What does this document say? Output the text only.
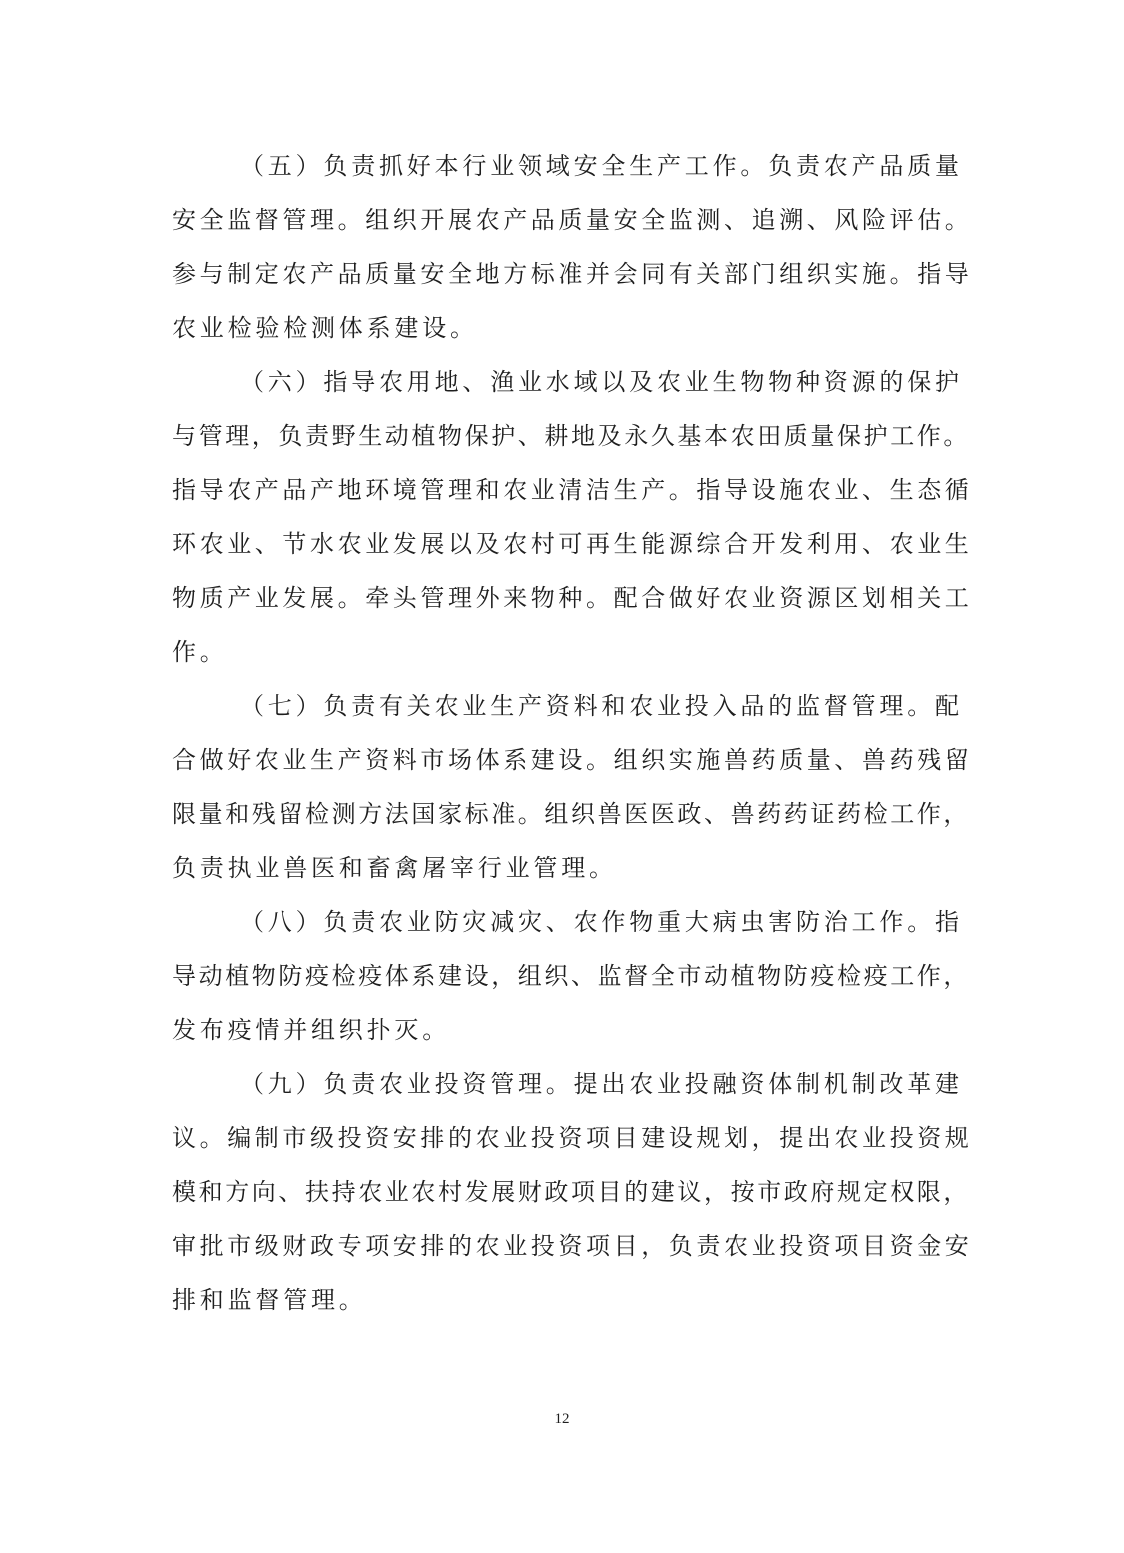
（五）负责抓好本行业领域安全生产工作。负责农产品质量
安全监督管理。组织开展农产品质量安全监测、追溯、风险评估。
参与制定农产品质量安全地方标准并会同有关部门组织实施。指导
农业检验检测体系建设。
（六）指导农用地、渔业水域以及农业生物物种资源的保护
与管理，负责野生动植物保护、耕地及永久基本农田质量保护工作。
指导农产品产地环境管理和农业清洁生产。指导设施农业、生态循
环农业、节水农业发展以及农村可再生能源综合开发利用、农业生
物质产业发展。牵头管理外来物种。配合做好农业资源区划相关工
作。
（七）负责有关农业生产资料和农业投入品的监督管理。配
合做好农业生产资料市场体系建设。组织实施兽药质量、兽药残留
限量和残留检测方法国家标准。组织兽医医政、兽药药证药检工作，
负责执业兽医和畜禽屠宰行业管理。
（八）负责农业防灾减灾、农作物重大病虫害防治工作。指
导动植物防疫检疫体系建设，组织、监督全市动植物防疫检疫工作，
发布疫情并组织扑灭。
（九）负责农业投资管理。提出农业投融资体制机制改革建
议。编制市级投资安排的农业投资项目建设规划，提出农业投资规
模和方向、扶持农业农村发展财政项目的建议，按市政府规定权限，
审批市级财政专项安排的农业投资项目，负责农业投资项目资金安
排和监督管理。
12
